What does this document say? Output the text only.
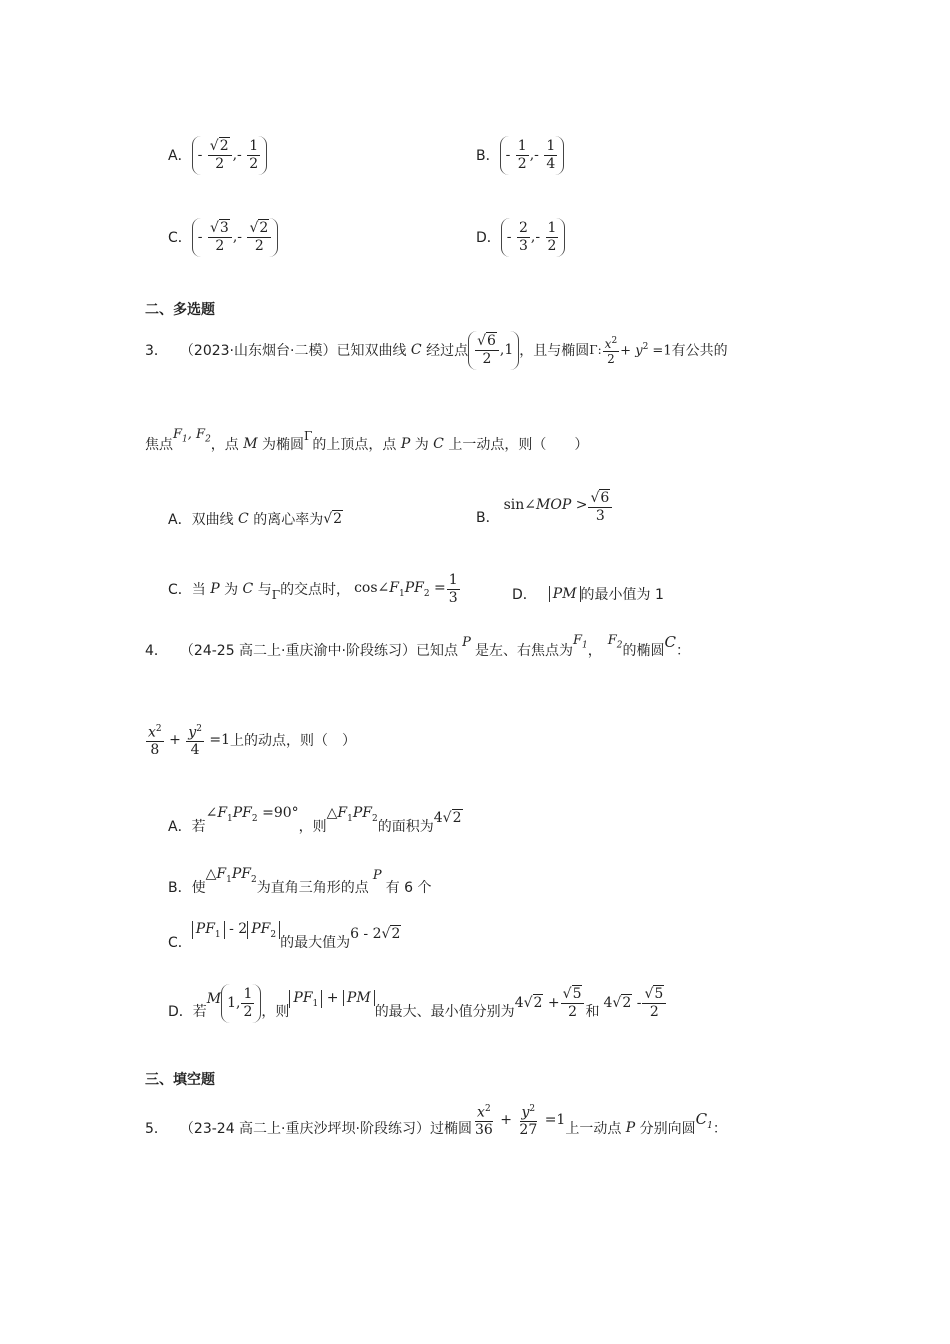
A． - $\frac{√2}{2}$ ,- $\frac{1}{2}$	B． - $\frac{1}{2}$ ,- $\frac{1}{4}$
C． - $\frac{√3}{2}$ ,- $\frac{√2}{2}$	D． - $\frac{2}{3}$ ,- $\frac{1}{2}$
二、多选题
3． （2023·山东烟台·二模） 已知双曲线 C 经过点 $\frac{√6}{2} ,1$ ，且与椭圆 Γ: $\frac{x^2}{2} + y^2 =1$ 有公共的
焦点
$F_1$, $F_2$ ，点 M 为椭圆
Γ
的上顶点，点 P 为 C 上一动点，则（　　）
A． 双曲线 C 的离心率为 √2	B．
sin∠MOP > $\frac{√6}{3}$
C． 当 P 为 C 与 Γ 的交点时， $\cos\angle F_1PF_2 = \frac{1}{3}$	D． PM 的最小值为 1
4． （24-25 高二上·重庆渝中·阶段练习） 已知点
P
是左、右焦点为
$F_1$ ，
$F_2$ 的椭圆 C ：
$\frac{x^2}{8} + \frac{y^2}{4} =1$ 上的动点，则（　）
A． 若
$\angle F_1PF_2 =90^\circ$
，则
$\triangle F_1PF_2$
的面积为
4√2
B． 使
$\triangle F_1PF_2$
为直角三角形的点
P
有 6 个
C．
$PF_1 - 2$ $PF_2$
的最大值为
6 - 2√2
D． 若
M 1, $\frac{1}{2}$ ，则
$PF_1$ + PM
的最大、最小值分别为
$4√2 + \frac{√5}{2}$ 和
$4√2 - \frac{√5}{2}$
三、填空题
5． （23-24 高二上·重庆沙坪坝·阶段练习） 过椭圆 $\frac{x^2}{36} + \frac{y^2}{27} =1$
上一动点 P 分别向圆
$C_1$ ：
